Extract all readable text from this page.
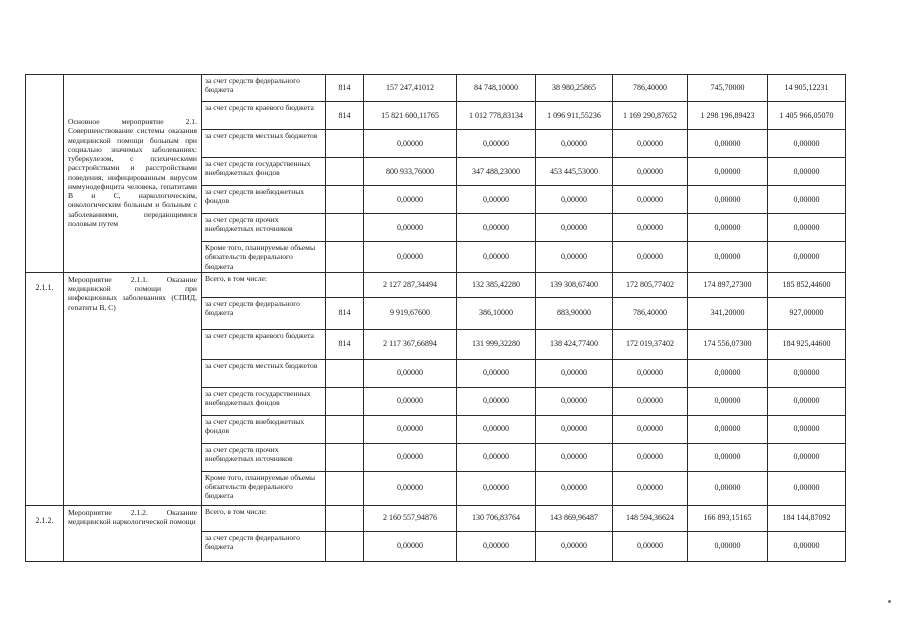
	Основное мероприятие 2.1. Совершенствование системы оказания медицинской помощи больным при социально значимых заболеваниях: туберкулезом, с психическими расстройствами и расстройствами поведения, инфицированным вирусом иммунодефицита человека, гепатитами В и С, наркологическим, онкологическим больным и больным с заболеваниями, передающимися половым путем	за счет средств федерального бюджета	814	157 247,41012	84 748,10000	38 980,25865	786,40000	745,70000	14 905,12231
		за счет средств краевого бюджета	814	15 821 600,11765	1 012 778,83134	1 096 911,55236	1 169 290,87652	1 298 196,89423	1 405 966,05070
		за счет средств местных бюджетов		0,00000	0,00000	0,00000	0,00000	0,00000	0,00000
		за счет средств государственных внебюджетных фондов		800 933,76000	347 488,23000	453 445,53000	0,00000	0,00000	0,00000
		за счет средств внебюджетных фондов		0,00000	0,00000	0,00000	0,00000	0,00000	0,00000
		за счет средств прочих внебюджетных источников		0,00000	0,00000	0,00000	0,00000	0,00000	0,00000
		Кроме того, планируемые объемы обязательств федерального бюджета		0,00000	0,00000	0,00000	0,00000	0,00000	0,00000
2.1.1.	Мероприятие 2.1.1. Оказание медицинской помощи при инфекционных заболеваниях (СПИД, гепатиты В, С)	Всего, в том числе:		2 127 287,34494	132 385,42280	139 308,67400	172 805,77402	174 897,27300	185 852,44600
		за счет средств федерального бюджета	814	9 919,67600	386,10000	883,90000	786,40000	341,20000	927,00000
		за счет средств краевого бюджета	814	2 117 367,66894	131 999,32280	138 424,77400	172 019,37402	174 556,07300	184 925,44600
		за счет средств местных бюджетов		0,00000	0,00000	0,00000	0,00000	0,00000	0,00000
		за счет средств государственных внебюджетных фондов		0,00000	0,00000	0,00000	0,00000	0,00000	0,00000
		за счет средств внебюджетных фондов		0,00000	0,00000	0,00000	0,00000	0,00000	0,00000
		за счет средств прочих внебюджетных источников		0,00000	0,00000	0,00000	0,00000	0,00000	0,00000
		Кроме того, планируемые объемы обязательств федерального бюджета		0,00000	0,00000	0,00000	0,00000	0,00000	0,00000
2.1.2.	Мероприятие 2.1.2. Оказание медицинской наркологической помощи	Всего, в том числе:		2 160 557,94876	130 706,83764	143 869,96487	148 594,36624	166 893,15165	184 144,87092
		за счет средств федерального бюджета		0,00000	0,00000	0,00000	0,00000	0,00000	0,00000
